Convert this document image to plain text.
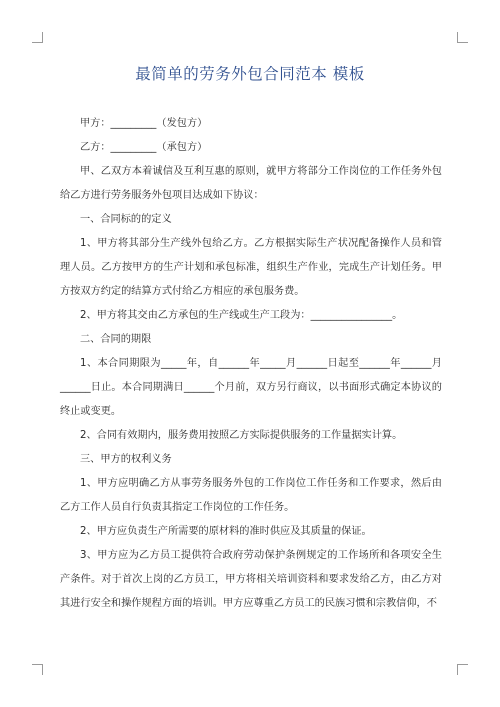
最简单的劳务外包合同范本 模板

甲方：_________（发包方）

乙方：_________（承包方）

甲、乙双方本着诚信及互利互惠的原则，就甲方将部分工作岗位的工作任务外包给乙方进行劳务服务外包项目达成如下协议：

一、合同标的的定义

1、甲方将其部分生产线外包给乙方。乙方根据实际生产状况配备操作人员和管理人员。乙方按甲方的生产计划和承包标准，组织生产作业，完成生产计划任务。甲方按双方约定的结算方式付给乙方相应的承包服务费。

2、甲方将其交由乙方承包的生产线或生产工段为：________________。

二、合同的期限

1、本合同期限为_____年，自______年_____月______日起至______年______月______日止。本合同期满日______个月前，双方另行商议，以书面形式确定本协议的终止或变更。

2、合同有效期内，服务费用按照乙方实际提供服务的工作量据实计算。

三、甲方的权利义务

1、甲方应明确乙方从事劳务服务外包的工作岗位工作任务和工作要求，然后由乙方工作人员自行负责其指定工作岗位的工作任务。

2、甲方应负责生产所需要的原材料的准时供应及其质量的保证。

3、甲方应为乙方员工提供符合政府劳动保护条例规定的工作场所和各项安全生产条件。对于首次上岗的乙方员工，甲方将相关培训资料和要求发给乙方，由乙方对其进行安全和操作规程方面的培训。甲方应尊重乙方员工的民族习惯和宗教信仰，不
